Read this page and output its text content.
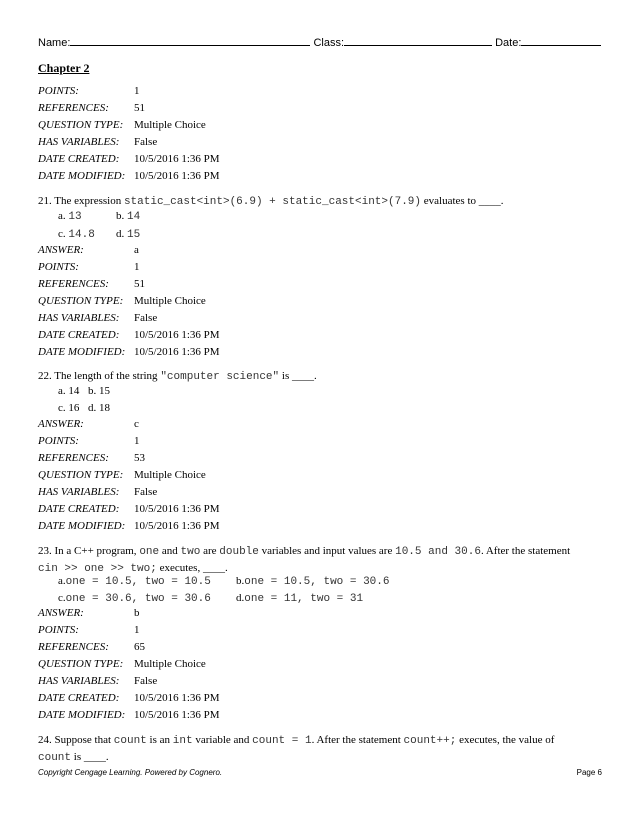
Name:	Class:	Date:
Chapter 2
POINTS:	1
REFERENCES: 51
QUESTION TYPE: Multiple Choice
HAS VARIABLES: False
DATE CREATED: 10/5/2016 1:36 PM
DATE MODIFIED: 10/5/2016 1:36 PM
21. The expression static_cast<int>(6.9) + static_cast<int>(7.9) evaluates to ____.
a. 13	b. 14
c. 14.8 d. 15
ANSWER:	a
POINTS:	1
REFERENCES: 51
QUESTION TYPE: Multiple Choice
HAS VARIABLES: False
DATE CREATED: 10/5/2016 1:36 PM
DATE MODIFIED: 10/5/2016 1:36 PM
22. The length of the string "computer science" is ____.
a. 14 b. 15
c. 16 d. 18
ANSWER:	c
POINTS:	1
REFERENCES: 53
QUESTION TYPE: Multiple Choice
HAS VARIABLES: False
DATE CREATED: 10/5/2016 1:36 PM
DATE MODIFIED: 10/5/2016 1:36 PM
23. In a C++ program, one and two are double variables and input values are 10.5 and 30.6. After the statement
cin >> one >> two; executes, ____.
a.one = 10.5, two = 10.5 b.one = 10.5, two = 30.6
c.one = 30.6, two = 30.6 d.one = 11, two = 31
ANSWER:	b
POINTS:	1
REFERENCES: 65
QUESTION TYPE: Multiple Choice
HAS VARIABLES: False
DATE CREATED: 10/5/2016 1:36 PM
DATE MODIFIED: 10/5/2016 1:36 PM
24. Suppose that count is an int variable and count = 1. After the statement count++; executes, the value of
count is ____.
Copyright Cengage Learning. Powered by Cognero.	Page 6
